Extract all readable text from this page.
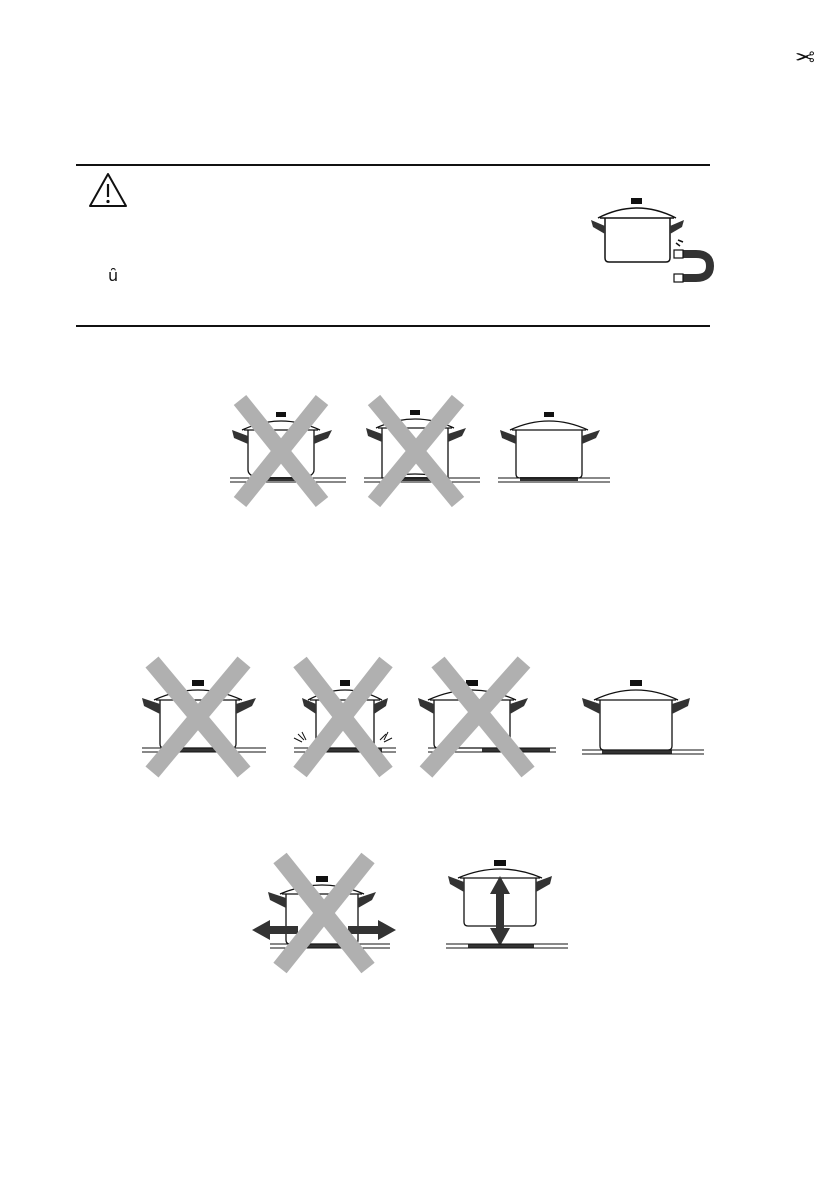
✂
ȗ
